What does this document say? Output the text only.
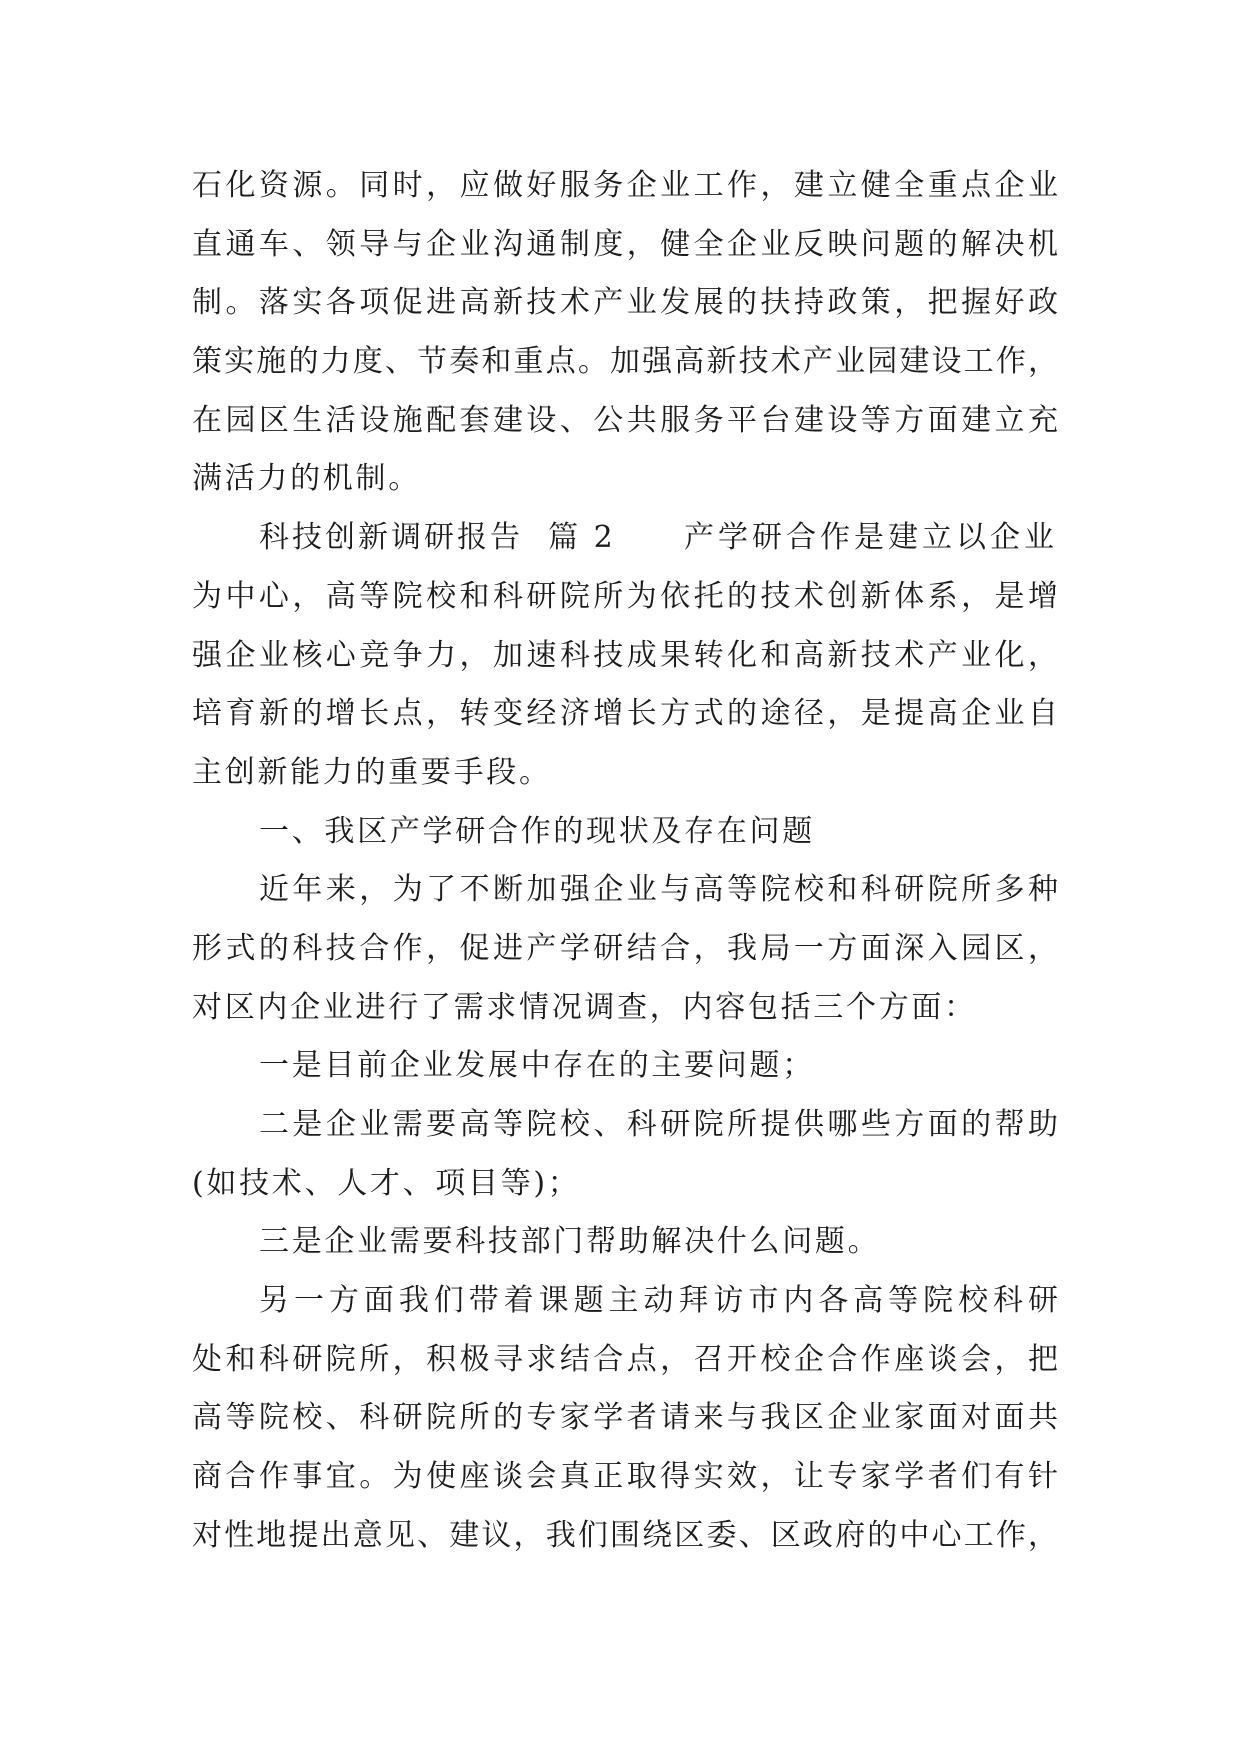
石化资源。同时，应做好服务企业工作，建立健全重点企业
直通车、领导与企业沟通制度，健全企业反映问题的解决机
制。落实各项促进高新技术产业发展的扶持政策，把握好政
策实施的力度、节奏和重点。加强高新技术产业园建设工作，
在园区生活设施配套建设、公共服务平台建设等方面建立充
满活力的机制。
科技创新调研报告  篇 2 产学研合作是建立以企业
为中心，高等院校和科研院所为依托的技术创新体系，是增
强企业核心竞争力，加速科技成果转化和高新技术产业化，
培育新的增长点，转变经济增长方式的途径，是提高企业自
主创新能力的重要手段。
一、我区产学研合作的现状及存在问题
近年来，为了不断加强企业与高等院校和科研院所多种
形式的科技合作，促进产学研结合，我局一方面深入园区，
对区内企业进行了需求情况调查，内容包括三个方面：
一是目前企业发展中存在的主要问题；
二是企业需要高等院校、科研院所提供哪些方面的帮助
(如技术、人才、项目等)；
三是企业需要科技部门帮助解决什么问题。
另一方面我们带着课题主动拜访市内各高等院校科研
处和科研院所，积极寻求结合点，召开校企合作座谈会，把
高等院校、科研院所的专家学者请来与我区企业家面对面共
商合作事宜。为使座谈会真正取得实效，让专家学者们有针
对性地提出意见、建议，我们围绕区委、区政府的中心工作，
